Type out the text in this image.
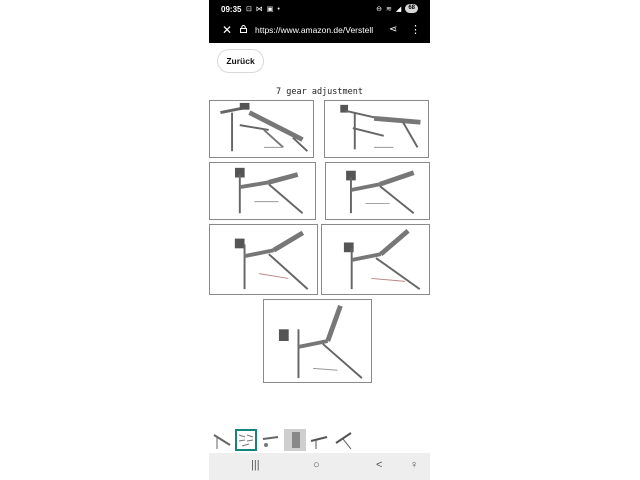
09:35 ⊡ ⋈ ▣ •	⊖ ≋ ◢	68
✕	https://www.amazon.de/Verstell	⋖ ⋮
Zurück
7 gear adjustment
|||	○	<	♀
